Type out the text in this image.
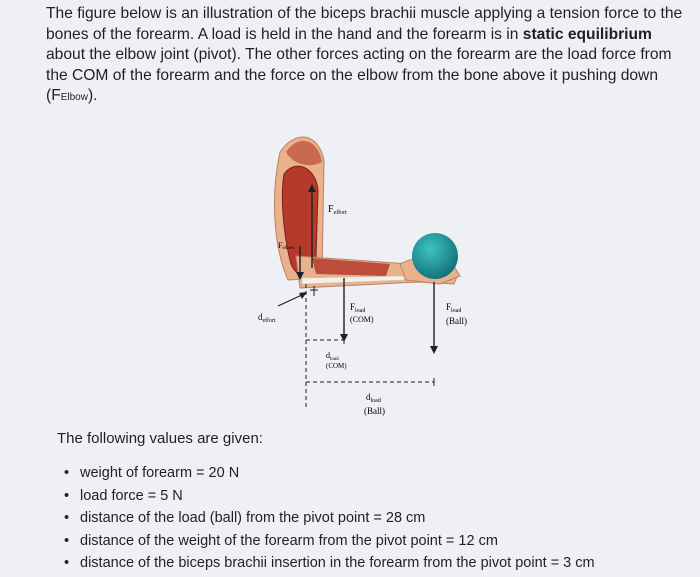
The figure below is an illustration of the biceps brachii muscle applying a tension force to the bones of the forearm. A load is held in the hand and the forearm is in static equilibrium about the elbow joint (pivot). The other forces acting on the forearm are the load force from the COM of the forearm and the force on the elbow from the bone above it pushing down (FElbow).
$F_{effort}$
Felbow
$d_{effort}$
$F_{load}$
(COM)
$F_{load}$
(Ball)
$d_{load}$
(COM)
$d_{load}$
(Ball)
The following values are given:
• weight of forearm = 20 N
• load force = 5 N
• distance of the load (ball) from the pivot point = 28 cm
• distance of the weight of the forearm from the pivot point = 12 cm
• distance of the biceps brachii insertion in the forearm from the pivot point = 3 cm
